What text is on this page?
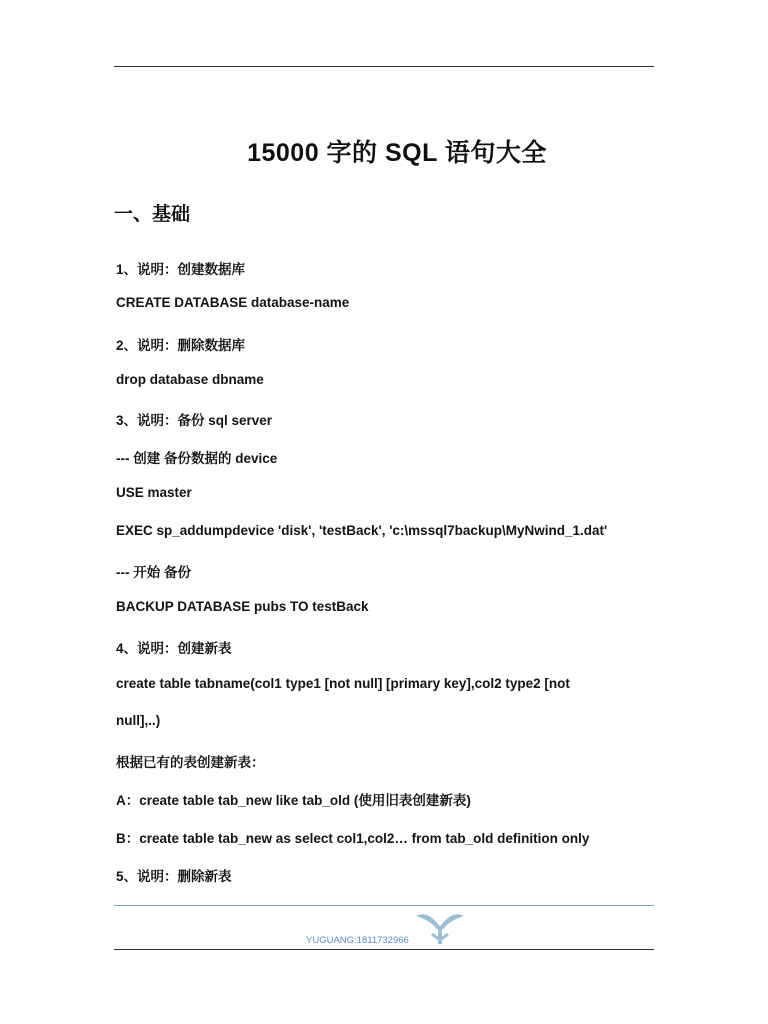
15000 字的 SQL 语句大全
一、基础
1、说明：创建数据库
CREATE DATABASE database-name
2、说明：删除数据库
drop database dbname
3、说明：备份 sql server
--- 创建 备份数据的 device
USE master
EXEC sp_addumpdevice 'disk', 'testBack', 'c:\mssql7backup\MyNwind_1.dat'
--- 开始 备份
BACKUP DATABASE pubs TO testBack
4、说明：创建新表
create table tabname(col1 type1 [not null] [primary key],col2 type2 [not
null],..)
根据已有的表创建新表：
A：create table tab_new like tab_old (使用旧表创建新表)
B：create table tab_new as select col1,col2… from tab_old definition only
5、说明：删除新表
YUGUANG:1811732966
